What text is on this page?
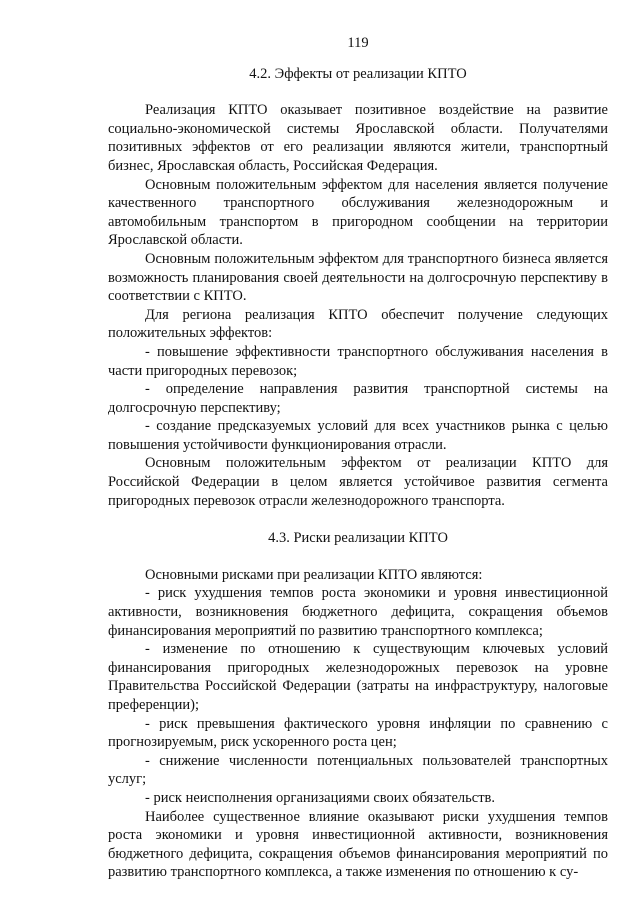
119
4.2. Эффекты от реализации КПТО

Реализация КПТО оказывает позитивное воздействие на развитие социально-экономической системы Ярославской области. Получателями позитивных эффектов от его реализации являются жители, транспортный бизнес, Ярославская область, Российская Федерация.

Основным положительным эффектом для населения является получение качественного транспортного обслуживания железнодорожным и автомобильным транспортом в пригородном сообщении на территории Ярославской области.

Основным положительным эффектом для транспортного бизнеса является возможность планирования своей деятельности на долгосрочную перспективу в соответствии с КПТО.

Для региона реализация КПТО обеспечит получение следующих положительных эффектов:

- повышение эффективности транспортного обслуживания населения в части пригородных перевозок;

- определение направления развития транспортной системы на долгосрочную перспективу;

- создание предсказуемых условий для всех участников рынка с целью повышения устойчивости функционирования отрасли.

Основным положительным эффектом от реализации КПТО для Российской Федерации в целом является устойчивое развития сегмента пригородных перевозок отрасли железнодорожного транспорта.

4.3. Риски реализации КПТО

Основными рисками при реализации КПТО являются:

- риск ухудшения темпов роста экономики и уровня инвестиционной активности, возникновения бюджетного дефицита, сокращения объемов финансирования мероприятий по развитию транспортного комплекса;

- изменение по отношению к существующим ключевых условий финансирования пригородных железнодорожных перевозок на уровне Правительства Российской Федерации (затраты на инфраструктуру, налоговые преференции);

- риск превышения фактического уровня инфляции по сравнению с прогнозируемым, риск ускоренного роста цен;

- снижение численности потенциальных пользователей транспортных услуг;

- риск неисполнения организациями своих обязательств.

Наиболее существенное влияние оказывают риски ухудшения темпов роста экономики и уровня инвестиционной активности, возникновения бюджетного дефицита, сокращения объемов финансирования мероприятий по развитию транспортного комплекса, а также изменения по отношению к су-
